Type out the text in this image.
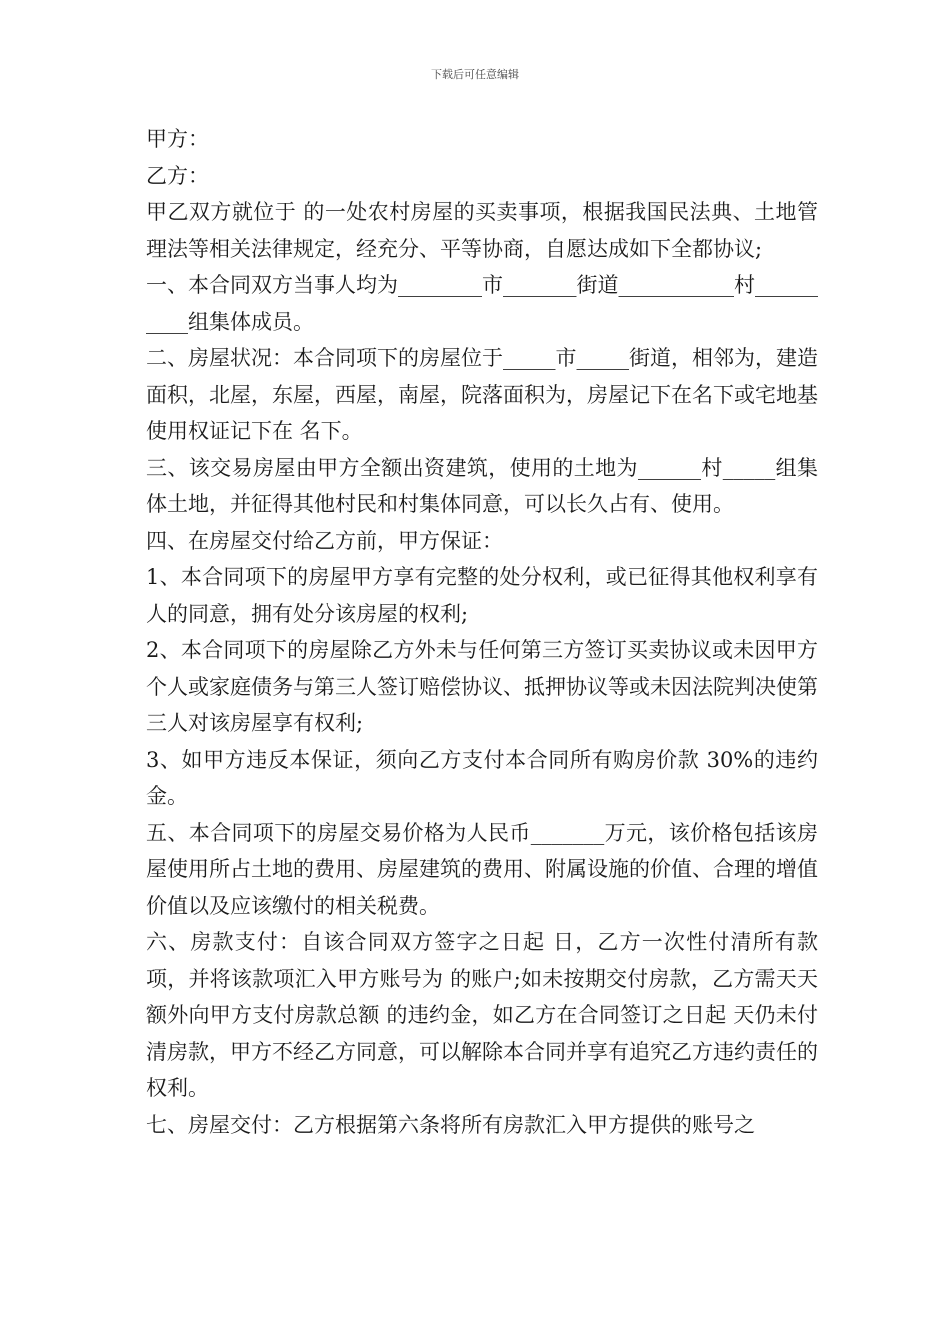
下载后可任意编辑

甲方：

乙方：

甲乙双方就位于 的一处农村房屋的买卖事项，根据我国民法典、土地管理法等相关法律规定，经充分、平等协商，自愿达成如下全都协议;

一、本合同双方当事人均为________市_______街道___________村__________组集体成员。

二、房屋状况：本合同项下的房屋位于_____市_____街道，相邻为，建造面积，北屋，东屋，西屋，南屋，院落面积为，房屋记下在名下或宅地基使用权证记下在 名下。

三、该交易房屋由甲方全额出资建筑，使用的土地为______村_____组集体土地，并征得其他村民和村集体同意，可以长久占有、使用。

四、在房屋交付给乙方前，甲方保证：

1、本合同项下的房屋甲方享有完整的处分权利，或已征得其他权利享有人的同意，拥有处分该房屋的权利;

2、本合同项下的房屋除乙方外未与任何第三方签订买卖协议或未因甲方个人或家庭债务与第三人签订赔偿协议、抵押协议等或未因法院判决使第三人对该房屋享有权利;

3、如甲方违反本保证，须向乙方支付本合同所有购房价款 30%的违约金。

五、本合同项下的房屋交易价格为人民币_______万元，该价格包括该房屋使用所占土地的费用、房屋建筑的费用、附属设施的价值、合理的增值价值以及应该缴付的相关税费。

六、房款支付：自该合同双方签字之日起 日，乙方一次性付清所有款项，并将该款项汇入甲方账号为 的账户;如未按期交付房款，乙方需天天额外向甲方支付房款总额 的违约金，如乙方在合同签订之日起 天仍未付清房款，甲方不经乙方同意，可以解除本合同并享有追究乙方违约责任的权利。

七、房屋交付：乙方根据第六条将所有房款汇入甲方提供的账号之
